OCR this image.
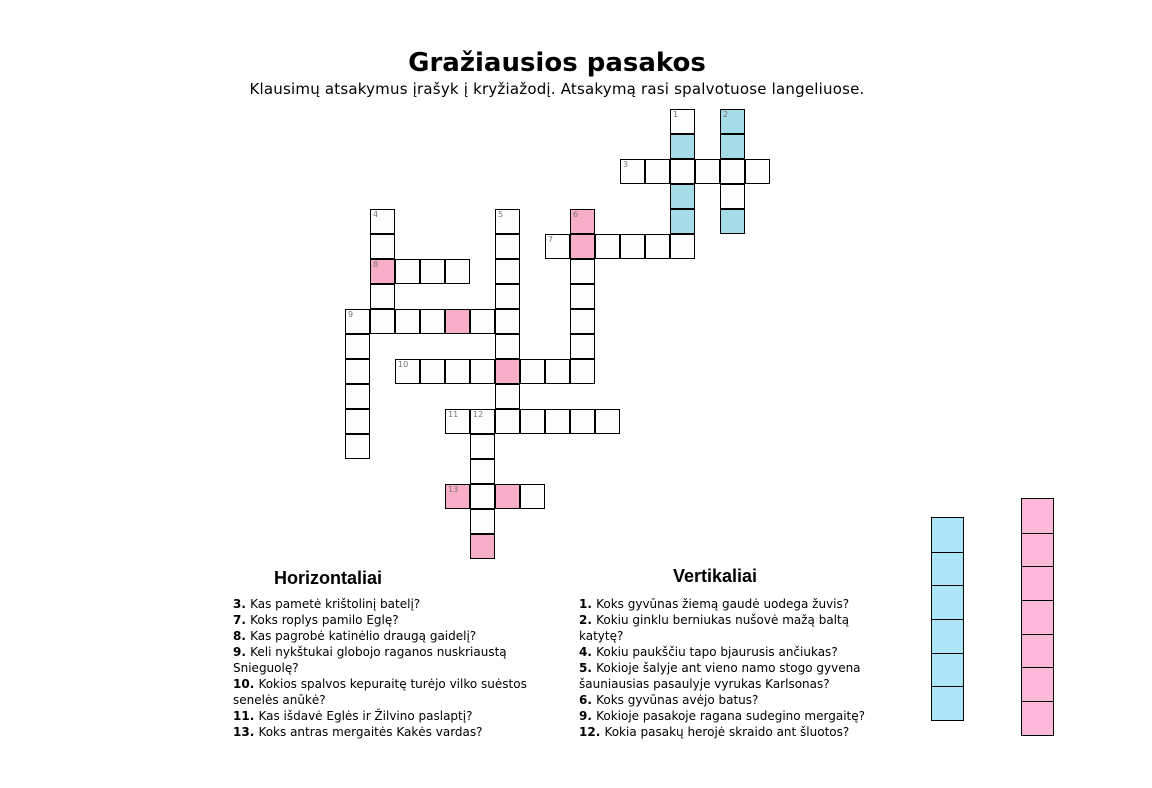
Gražiausios pasakos
Klausimų atsakymus įrašyk į kryžiažodį. Atsakymą rasi spalvotuose langeliuose.
1	2
3
4
8
5	6
7
9
10
11 12
13
Horizontaliai
3. Kas pametė krištolinį batelį?
7. Koks roplys pamilo Eglę?
8. Kas pagrobė katinėlio draugą gaidelį?
9. Keli nykštukai globojo raganos nuskriaustą Snieguolę?
10. Kokios spalvos kepuraitę turėjo vilko suėstos senelės anūkė?
11. Kas išdavė Eglės ir Žilvino paslaptį?
13. Koks antras mergaitės Kakės vardas?
Vertikaliai
1. Koks gyvūnas žiemą gaudė uodega žuvis?
2. Kokiu ginklu berniukas nušovė mažą baltą katytę?
4. Kokiu paukščiu tapo bjaurusis ančiukas?
5. Kokioje šalyje ant vieno namo stogo gyvena šauniausias pasaulyje vyrukas Karlsonas?
6. Koks gyvūnas avėjo batus?
9. Kokioje pasakoje ragana sudegino mergaitę?
12. Kokia pasakų herojė skraido ant šluotos?
